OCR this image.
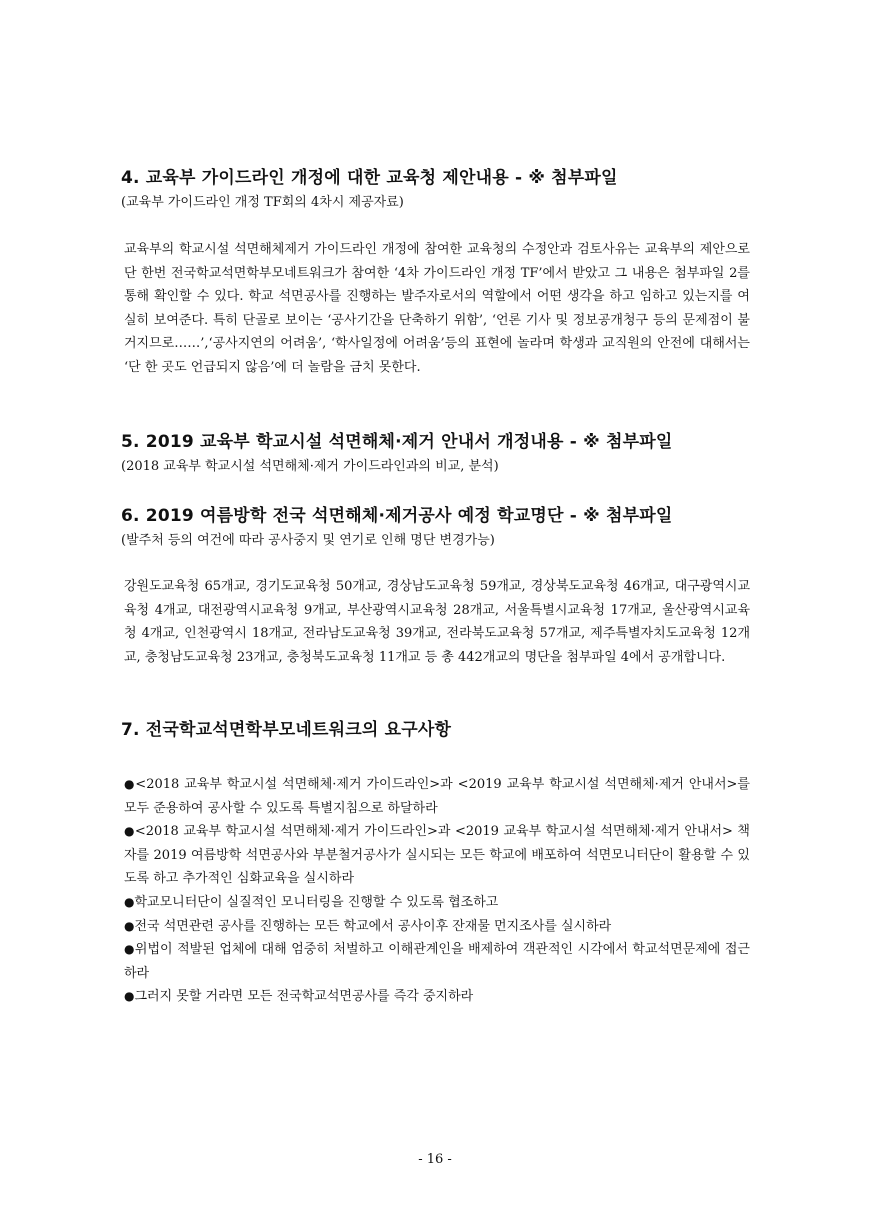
4. 교육부 가이드라인 개정에 대한 교육청 제안내용 - ※ 첨부파일
(교육부 가이드라인 개정 TF회의 4차시 제공자료)
교육부의 학교시설 석면해체제거 가이드라인 개정에 참여한 교육청의 수정안과 검토사유는 교육부의 제안으로 단 한번 전국학교석면학부모네트워크가 참여한 ‘4차 가이드라인 개정 TF’에서 받았고 그 내용은 첨부파일 2를 통해 확인할 수 있다. 학교 석면공사를 진행하는 발주자로서의 역할에서 어떤 생각을 하고 임하고 있는지를 여실히 보여준다. 특히 단골로 보이는 ‘공사기간을 단축하기 위함’, ‘언론 기사 및 정보공개청구 등의 문제점이 불거지므로……’,‘공사지연의 어려움’, ‘학사일정에 어려움’등의 표현에 놀라며 학생과 교직원의 안전에 대해서는 ‘단 한 곳도 언급되지 않음’에 더 놀람을 금치 못한다.
5. 2019 교육부 학교시설 석면해체·제거 안내서 개정내용 - ※ 첨부파일
(2018 교육부 학교시설 석면해체·제거 가이드라인과의 비교, 분석)
6. 2019 여름방학 전국 석면해체·제거공사 예정 학교명단 - ※ 첨부파일
(발주처 등의 여건에 따라 공사중지 및 연기로 인해 명단 변경가능)
강원도교육청 65개교, 경기도교육청 50개교, 경상남도교육청 59개교, 경상북도교육청 46개교, 대구광역시교육청 4개교, 대전광역시교육청 9개교, 부산광역시교육청 28개교, 서울특별시교육청 17개교, 울산광역시교육청 4개교, 인천광역시 18개교, 전라남도교육청 39개교, 전라북도교육청 57개교, 제주특별자치도교육청 12개교, 충청남도교육청 23개교, 충청북도교육청 11개교 등 총 442개교의 명단을 첨부파일 4에서 공개합니다.
7. 전국학교석면학부모네트워크의 요구사항
●<2018 교육부 학교시설 석면해체·제거 가이드라인>과 <2019 교육부 학교시설 석면해체·제거 안내서>를 모두 준용하여 공사할 수 있도록 특별지침으로 하달하라
●<2018 교육부 학교시설 석면해체·제거 가이드라인>과 <2019 교육부 학교시설 석면해체·제거 안내서> 책자를 2019 여름방학 석면공사와 부분철거공사가 실시되는 모든 학교에 배포하여 석면모니터단이 활용할 수 있도록 하고 추가적인 심화교육을 실시하라
●학교모니터단이 실질적인 모니터링을 진행할 수 있도록 협조하고
●전국 석면관련 공사를 진행하는 모든 학교에서 공사이후 잔재물 먼지조사를 실시하라
●위법이 적발된 업체에 대해 엄중히 처벌하고 이해관계인을 배제하여 객관적인 시각에서 학교석면문제에 접근하라
●그러지 못할 거라면 모든 전국학교석면공사를 즉각 중지하라
- 16 -
